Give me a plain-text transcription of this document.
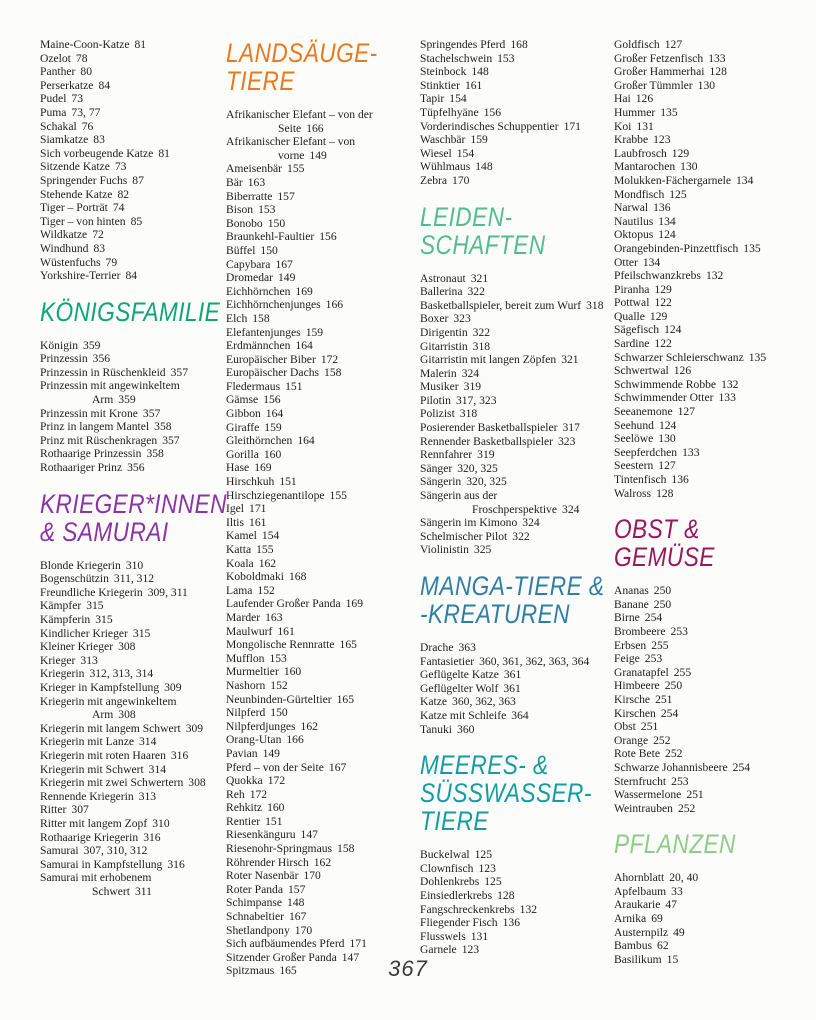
Maine-Coon-Katze 81
Ozelot 78
Panther 80
Perserkatze 84
Pudel 73
Puma 73, 77
Schakal 76
Siamkatze 83
Sich vorbeugende Katze 81
Sitzende Katze 73
Springender Fuchs 87
Stehende Katze 82
Tiger – Porträt 74
Tiger – von hinten 85
Wildkatze 72
Windhund 83
Wüstenfuchs 79
Yorkshire-Terrier 84
KÖNIGSFAMILIE
Königin 359
Prinzessin 356
Prinzessin in Rüschenkleid 357
Prinzessin mit angewinkeltem
Arm 359
Prinzessin mit Krone 357
Prinz in langem Mantel 358
Prinz mit Rüschenkragen 357
Rothaarige Prinzessin 358
Rothaariger Prinz 356
KRIEGER*INNEN
& SAMURAI
Blonde Kriegerin 310
Bogenschützin 311, 312
Freundliche Kriegerin 309, 311
Kämpfer 315
Kämpferin 315
Kindlicher Krieger 315
Kleiner Krieger 308
Krieger 313
Kriegerin 312, 313, 314
Krieger in Kampfstellung 309
Kriegerin mit angewinkeltem
Arm 308
Kriegerin mit langem Schwert 309
Kriegerin mit Lanze 314
Kriegerin mit roten Haaren 316
Kriegerin mit Schwert 314
Kriegerin mit zwei Schwertern 308
Rennende Kriegerin 313
Ritter 307
Ritter mit langem Zopf 310
Rothaarige Kriegerin 316
Samurai 307, 310, 312
Samurai in Kampfstellung 316
Samurai mit erhobenem
Schwert 311
LANDSÄUGE-
TIERE
Afrikanischer Elefant – von der
Seite 166
Afrikanischer Elefant – von
vorne 149
Ameisenbär 155
Bär 163
Biberratte 157
Bison 153
Bonobo 150
Braunkehl-Faultier 156
Büffel 150
Capybara 167
Dromedar 149
Eichhörnchen 169
Eichhörnchenjunges 166
Elch 158
Elefantenjunges 159
Erdmännchen 164
Europäischer Biber 172
Europäischer Dachs 158
Fledermaus 151
Gämse 156
Gibbon 164
Giraffe 159
Gleithörnchen 164
Gorilla 160
Hase 169
Hirschkuh 151
Hirschziegenantilope 155
Igel 171
Iltis 161
Kamel 154
Katta 155
Koala 162
Koboldmaki 168
Lama 152
Laufender Großer Panda 169
Marder 163
Maulwurf 161
Mongolische Rennratte 165
Mufflon 153
Murmeltier 160
Nashorn 152
Neunbinden-Gürteltier 165
Nilpferd 150
Nilpferdjunges 162
Orang-Utan 166
Pavian 149
Pferd – von der Seite 167
Quokka 172
Reh 172
Rehkitz 160
Rentier 151
Riesenkänguru 147
Riesenohr-Springmaus 158
Röhrender Hirsch 162
Roter Nasenbär 170
Roter Panda 157
Schimpanse 148
Schnabeltier 167
Shetlandpony 170
Sich aufbäumendes Pferd 171
Sitzender Großer Panda 147
Spitzmaus 165
Springendes Pferd 168
Stachelschwein 153
Steinbock 148
Stinktier 161
Tapir 154
Tüpfelhyäne 156
Vorderindisches Schuppentier 171
Waschbär 159
Wiesel 154
Wühlmaus 148
Zebra 170
LEIDEN-
SCHAFTEN
Astronaut 321
Ballerina 322
Basketballspieler, bereit zum Wurf 318
Boxer 323
Dirigentin 322
Gitarristin 318
Gitarristin mit langen Zöpfen 321
Malerin 324
Musiker 319
Pilotin 317, 323
Polizist 318
Posierender Basketballspieler 317
Rennender Basketballspieler 323
Rennfahrer 319
Sänger 320, 325
Sängerin 320, 325
Sängerin aus der
Froschperspektive 324
Sängerin im Kimono 324
Schelmischer Pilot 322
Violinistin 325
MANGA-TIERE &
-KREATUREN
Drache 363
Fantasietier 360, 361, 362, 363, 364
Geflügelte Katze 361
Geflügelter Wolf 361
Katze 360, 362, 363
Katze mit Schleife 364
Tanuki 360
MEERES- &
SÜSSWASSER-
TIERE
Buckelwal 125
Clownfisch 123
Dohlenkrebs 125
Einsiedlerkrebs 128
Fangschreckenkrebs 132
Fliegender Fisch 136
Flusswels 131
Garnele 123
Goldfisch 127
Großer Fetzenfisch 133
Großer Hammerhai 128
Großer Tümmler 130
Hai 126
Hummer 135
Koi 131
Krabbe 123
Laubfrosch 129
Mantarochen 130
Molukken-Fächergarnele 134
Mondfisch 125
Narwal 136
Nautilus 134
Oktopus 124
Orangebinden-Pinzettfisch 135
Otter 134
Pfeilschwanzkrebs 132
Piranha 129
Pottwal 122
Qualle 129
Sägefisch 124
Sardine 122
Schwarzer Schleierschwanz 135
Schwertwal 126
Schwimmende Robbe 132
Schwimmender Otter 133
Seeanemone 127
Seehund 124
Seelöwe 130
Seepferdchen 133
Seestern 127
Tintenfisch 136
Walross 128
OBST &
GEMÜSE
Ananas 250
Banane 250
Birne 254
Brombeere 253
Erbsen 255
Feige 253
Granatapfel 255
Himbeere 250
Kirsche 251
Kirschen 254
Obst 251
Orange 252
Rote Bete 252
Schwarze Johannisbeere 254
Sternfrucht 253
Wassermelone 251
Weintrauben 252
PFLANZEN
Ahornblatt 20, 40
Apfelbaum 33
Araukarie 47
Arnika 69
Austernpilz 49
Bambus 62
Basilikum 15
367
